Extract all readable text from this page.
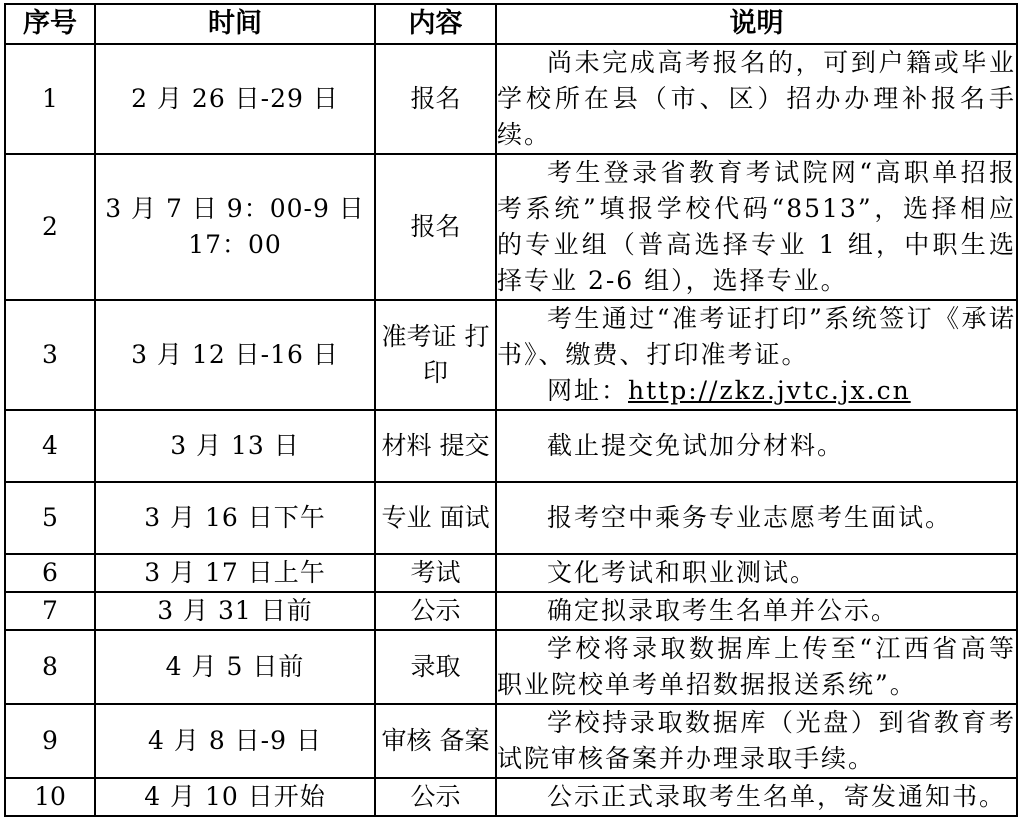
序号	时间	内容	说明
1	2 月 26 日-29 日	报名	尚未完成高考报名的，可到户籍或毕业学校所在县（市、区）招办办理补报名手续。

2	3 月 7 日 9：00-9 日 17：00	报名	考生登录省教育考试院网“高职单招报考系统”填报学校代码“8513”，选择相应的专业组（普高选择专业 1 组，中职生选择专业 2-6 组），选择专业。

3	3 月 12 日-16 日	准考证 打印	考生通过“准考证打印”系统签订《承诺书》、缴费、打印准考证。
网址：http://zkz.jvtc.jx.cn

4	3 月 13 日	材料 提交	截止提交免试加分材料。

5	3 月 16 日下午	专业 面试	报考空中乘务专业志愿考生面试。

6	3 月 17 日上午	考试	文化考试和职业测试。

7	3 月 31 日前	公示	确定拟录取考生名单并公示。

8	4 月 5 日前	录取	学校将录取数据库上传至“江西省高等职业院校单考单招数据报送系统”。

9	4 月 8 日-9 日	审核 备案	学校持录取数据库（光盘）到省教育考试院审核备案并办理录取手续。

10	4 月 10 日开始	公示	公示正式录取考生名单，寄发通知书。
